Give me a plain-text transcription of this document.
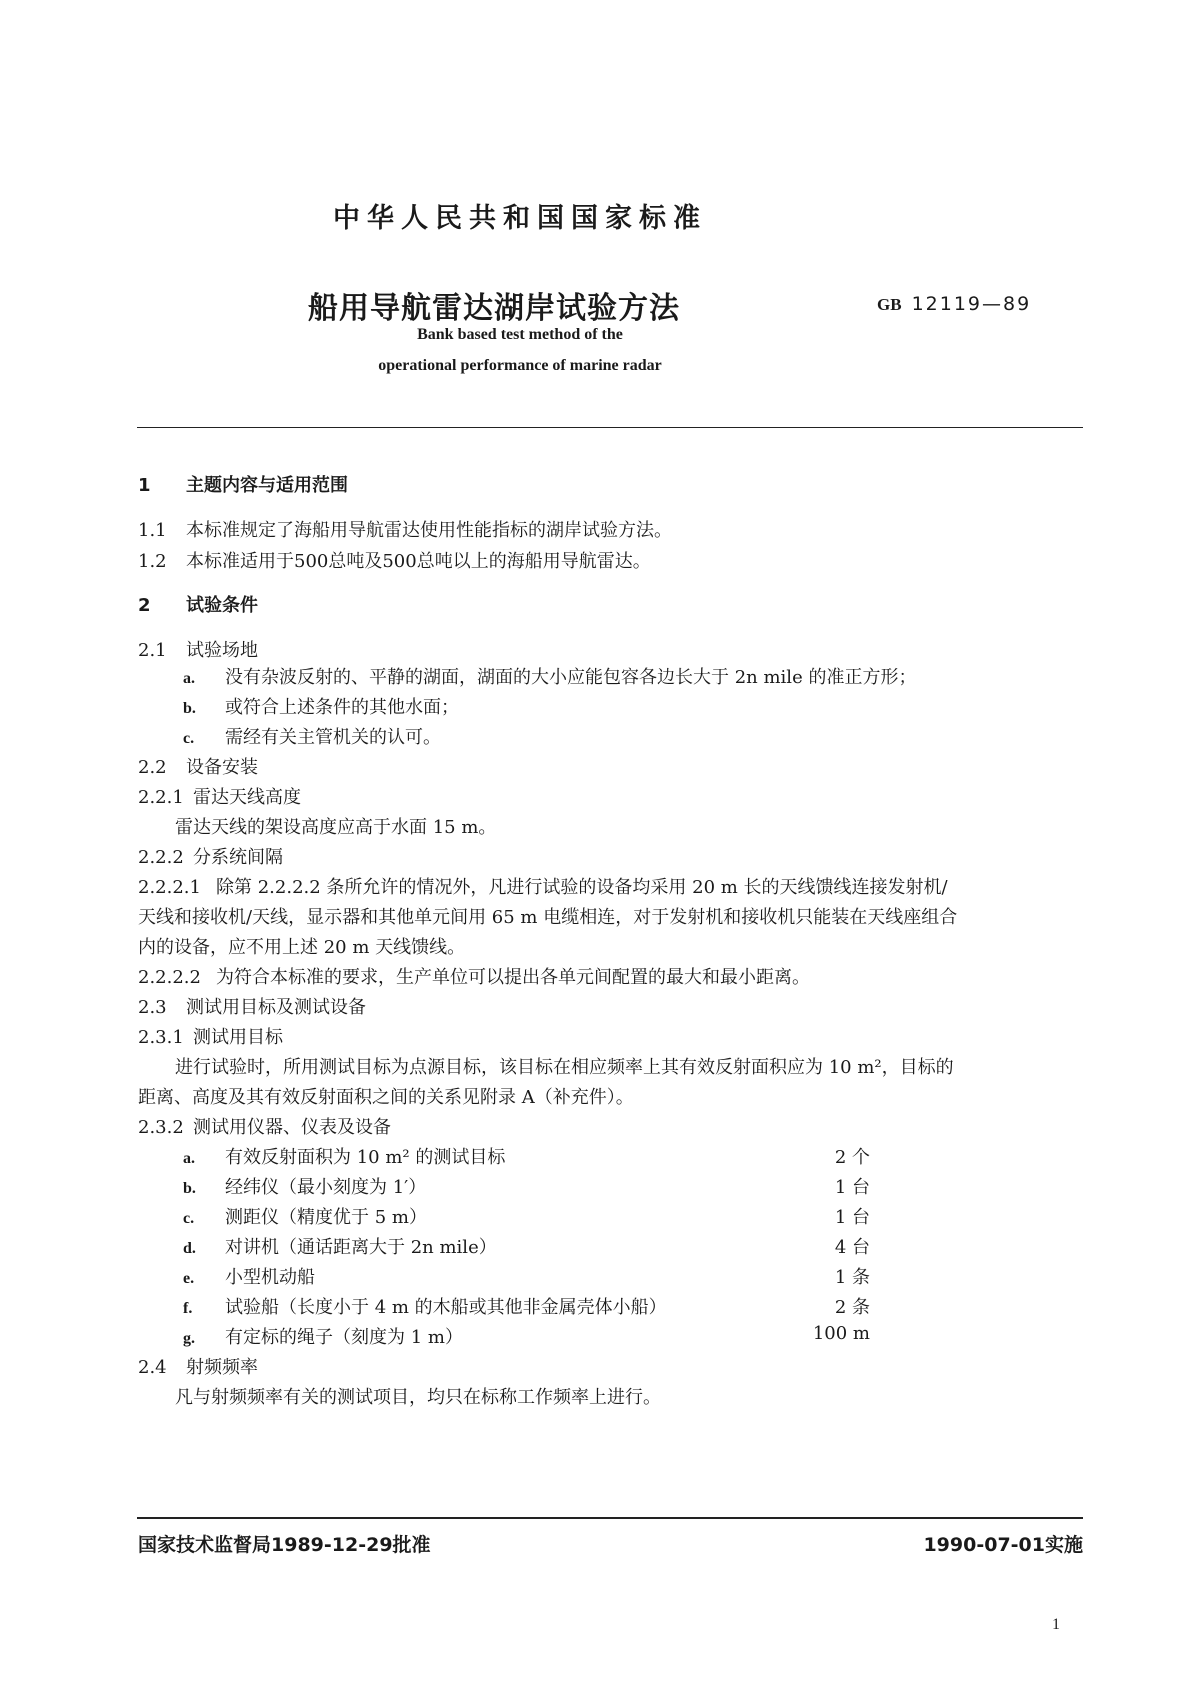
中华人民共和国国家标准
船用导航雷达湖岸试验方法	GB 12119—89
Bank based test method of the
operational performance of marine radar
1 主题内容与适用范围
1.1 本标准规定了海船用导航雷达使用性能指标的湖岸试验方法。
1.2 本标准适用于500总吨及500总吨以上的海船用导航雷达。
2 试验条件
2.1 试验场地
a. 没有杂波反射的、平静的湖面，湖面的大小应能包容各边长大于 2n mile 的准正方形；
b. 或符合上述条件的其他水面；
c. 需经有关主管机关的认可。
2.2 设备安装
2.2.1 雷达天线高度
雷达天线的架设高度应高于水面 15 m。
2.2.2 分系统间隔
2.2.2.1 除第 2.2.2.2 条所允许的情况外，凡进行试验的设备均采用 20 m 长的天线馈线连接发射机/
天线和接收机/天线，显示器和其他单元间用 65 m 电缆相连，对于发射机和接收机只能装在天线座组合
内的设备，应不用上述 20 m 天线馈线。
2.2.2.2 为符合本标准的要求，生产单位可以提出各单元间配置的最大和最小距离。
2.3 测试用目标及测试设备
2.3.1 测试用目标
进行试验时，所用测试目标为点源目标，该目标在相应频率上其有效反射面积应为 10 m²，目标的
距离、高度及其有效反射面积之间的关系见附录 A（补充件）。
2.3.2 测试用仪器、仪表及设备
a. 有效反射面积为 10 m² 的测试目标	2 个
b. 经纬仪（最小刻度为 1′）	1 台
c. 测距仪（精度优于 5 m）	1 台
d. 对讲机（通话距离大于 2n mile）	4 台
e. 小型机动船	1 条
f. 试验船（长度小于 4 m 的木船或其他非金属壳体小船）	2 条
g. 有定标的绳子（刻度为 1 m）	100 m
2.4 射频频率
凡与射频频率有关的测试项目，均只在标称工作频率上进行。
国家技术监督局1989-12-29批准	1990-07-01实施
1
